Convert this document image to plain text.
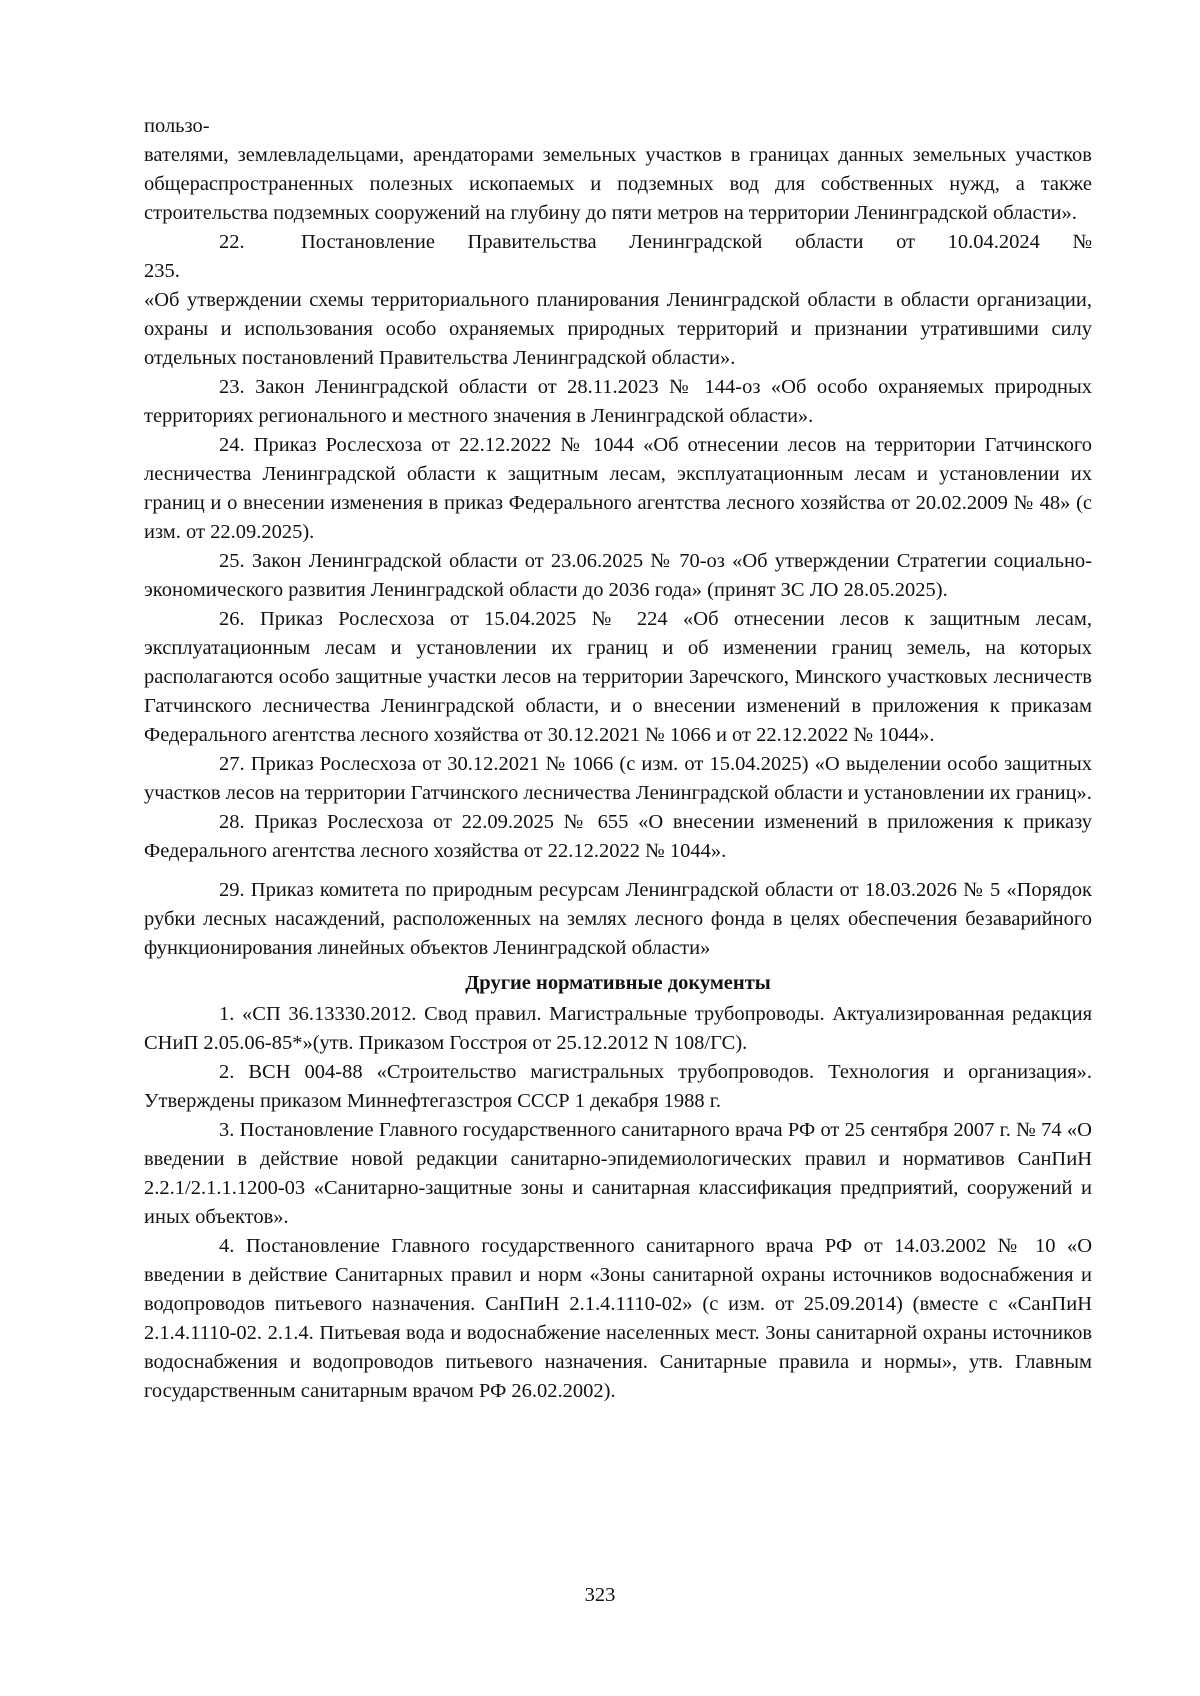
пользо-

вателями, землевладельцами, арендаторами земельных участков в границах данных земельных участков общераспространенных полезных ископаемых и подземных вод для собственных нужд, а также строительства подземных сооружений на глубину до пяти метров на территории Ленинградской области».

22.	Постановление Правительства Ленинградской области от 10.04.2024 №

235.

«Об утверждении схемы территориального планирования Ленинградской области в области организации, охраны и использования особо охраняемых природных территорий и признании утратившими силу отдельных постановлений Правительства Ленинградской области».

23. Закон Ленинградской области от 28.11.2023 № 144-оз «Об особо охраняемых природных территориях регионального и местного значения в Ленинградской области».

24. Приказ Рослесхоза от 22.12.2022 № 1044 «Об отнесении лесов на территории Гатчинского лесничества Ленинградской области к защитным лесам, эксплуатационным лесам и установлении их границ и о внесении изменения в приказ Федерального агентства лесного хозяйства от 20.02.2009 № 48» (с изм. от 22.09.2025).

25. Закон Ленинградской области от 23.06.2025 № 70-оз «Об утверждении Стратегии социально-экономического развития Ленинградской области до 2036 года» (принят ЗС ЛО 28.05.2025).

26. Приказ Рослесхоза от 15.04.2025 № 224 «Об отнесении лесов к защитным лесам, эксплуатационным лесам и установлении их границ и об изменении границ земель, на которых располагаются особо защитные участки лесов на территории Заречского, Минского участковых лесничеств Гатчинского лесничества Ленинградской области, и о внесении изменений в приложения к приказам Федерального агентства лесного хозяйства от 30.12.2021 № 1066 и от 22.12.2022 № 1044».

27. Приказ Рослесхоза от 30.12.2021 № 1066 (с изм. от 15.04.2025) «О выделении особо защитных участков лесов на территории Гатчинского лесничества Ленинградской области и установлении их границ».

28. Приказ Рослесхоза от 22.09.2025 № 655 «О внесении изменений в приложения к приказу Федерального агентства лесного хозяйства от 22.12.2022 № 1044».

29. Приказ комитета по природным ресурсам Ленинградской области от 18.03.2026 № 5 «Порядок рубки лесных насаждений, расположенных на землях лесного фонда в целях обеспечения безаварийного функционирования линейных объектов Ленинградской области»

Другие нормативные документы

1. «СП 36.13330.2012. Свод правил. Магистральные трубопроводы. Актуализированная редакция СНиП 2.05.06-85*»(утв. Приказом Госстроя от 25.12.2012 N 108/ГС).

2. ВСН 004-88 «Строительство магистральных трубопроводов. Технология и организация». Утверждены приказом Миннефтегазстроя СССР 1 декабря 1988 г.

3. Постановление Главного государственного санитарного врача РФ от 25 сентября 2007 г. № 74 «О введении в действие новой редакции санитарно-эпидемиологических правил и нормативов СанПиН 2.2.1/2.1.1.1200-03 «Санитарно-защитные зоны и санитарная классификация предприятий, сооружений и иных объектов».

4. Постановление Главного государственного санитарного врача РФ от 14.03.2002 № 10 «О введении в действие Санитарных правил и норм «Зоны санитарной охраны источников водоснабжения и водопроводов питьевого назначения. СанПиН 2.1.4.1110-02» (с изм. от 25.09.2014) (вместе с «СанПиН 2.1.4.1110-02. 2.1.4. Питьевая вода и водоснабжение населенных мест. Зоны санитарной охраны источников водоснабжения и водопроводов питьевого назначения. Санитарные правила и нормы», утв. Главным государственным санитарным врачом РФ 26.02.2002).

323
